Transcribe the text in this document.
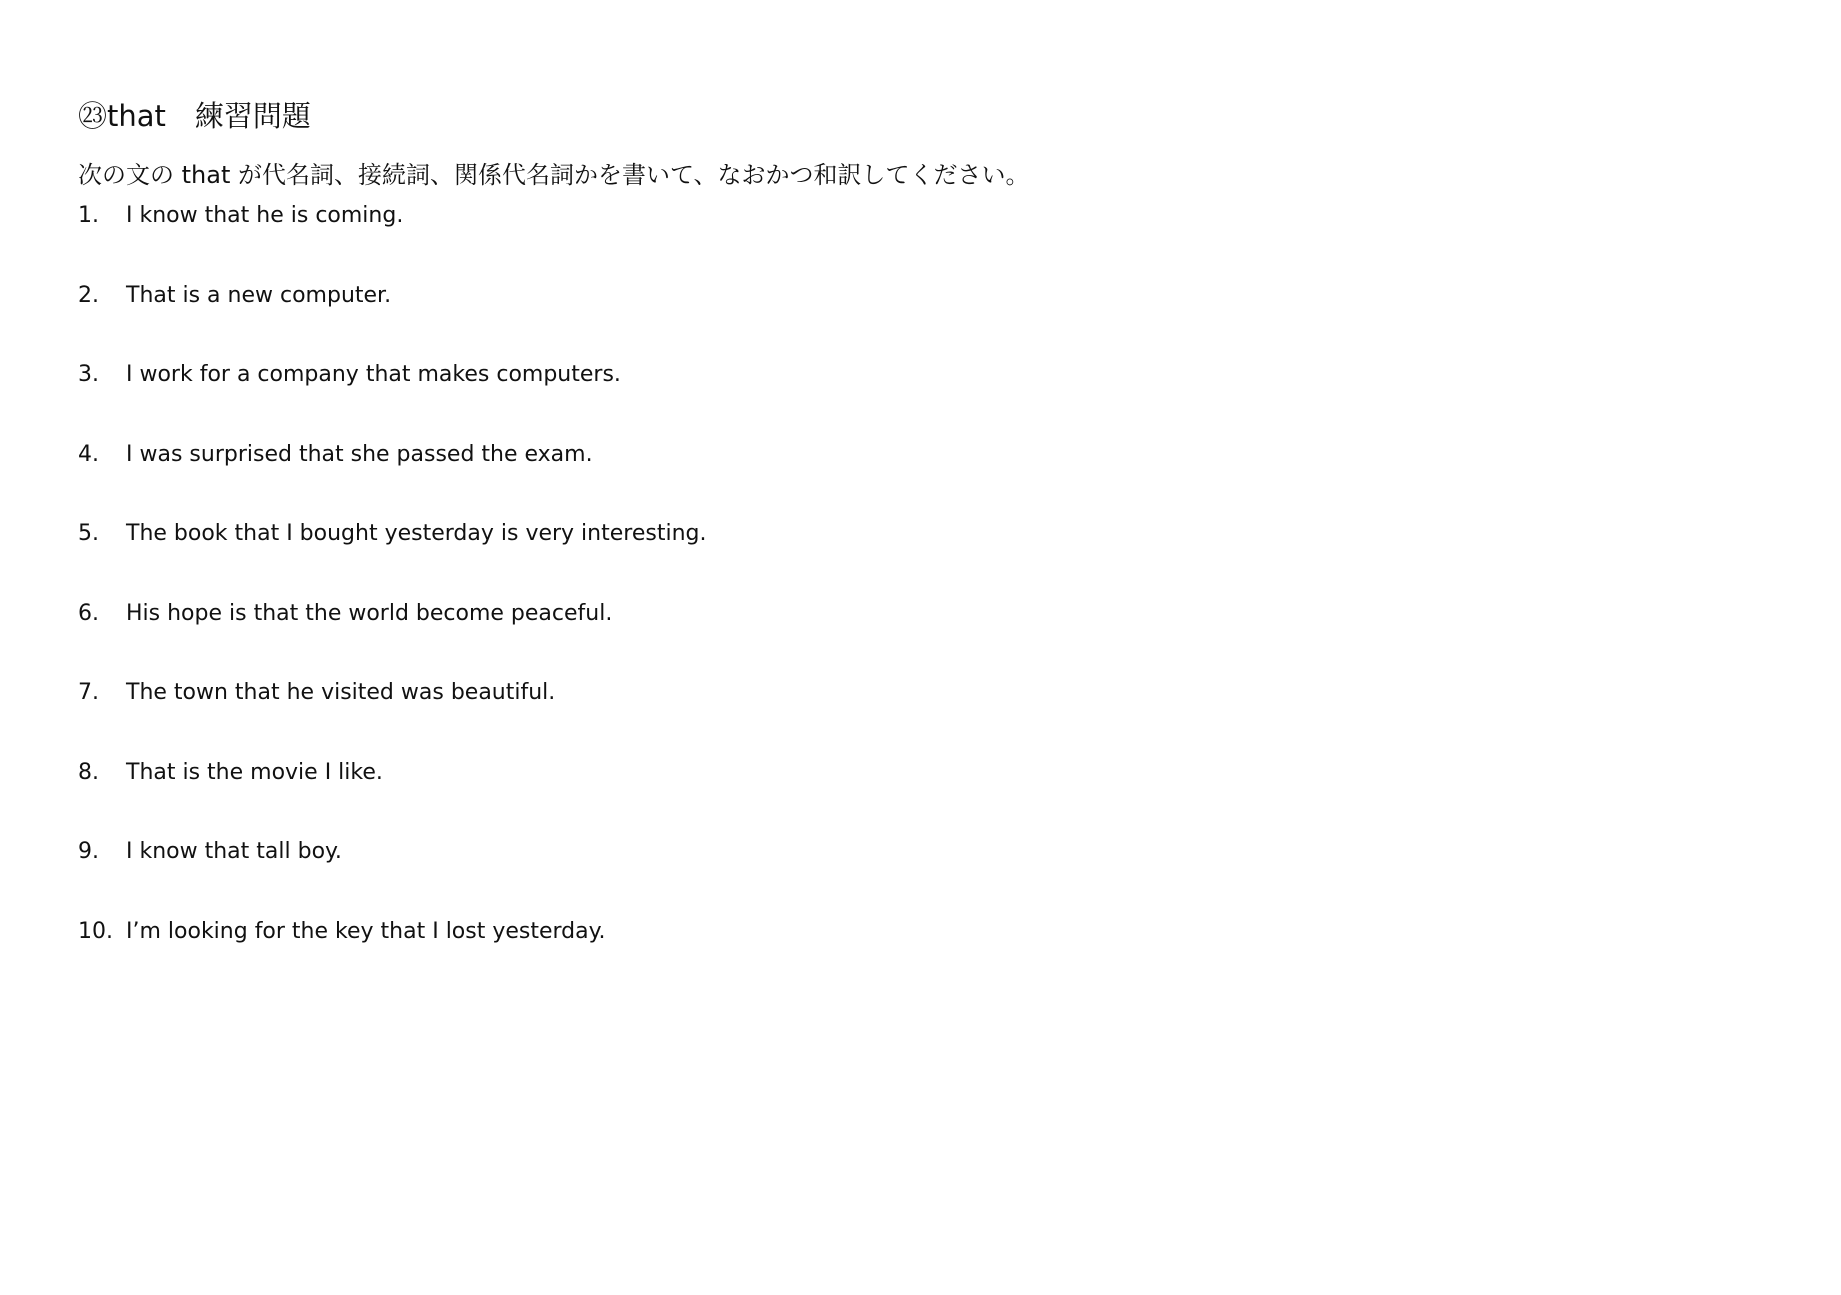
㉓that　練習問題
次の文の that が代名詞、接続詞、関係代名詞かを書いて、なおかつ和訳してください。
1.	I know that he is coming.
2.	That is a new computer.
3.	I work for a company that makes computers.
4.	I was surprised that she passed the exam.
5.	The book that I bought yesterday is very interesting.
6.	His hope is that the world become peaceful.
7.	The town that he visited was beautiful.
8.	That is the movie I like.
9.	I know that tall boy.
10. I’m looking for the key that I lost yesterday.
